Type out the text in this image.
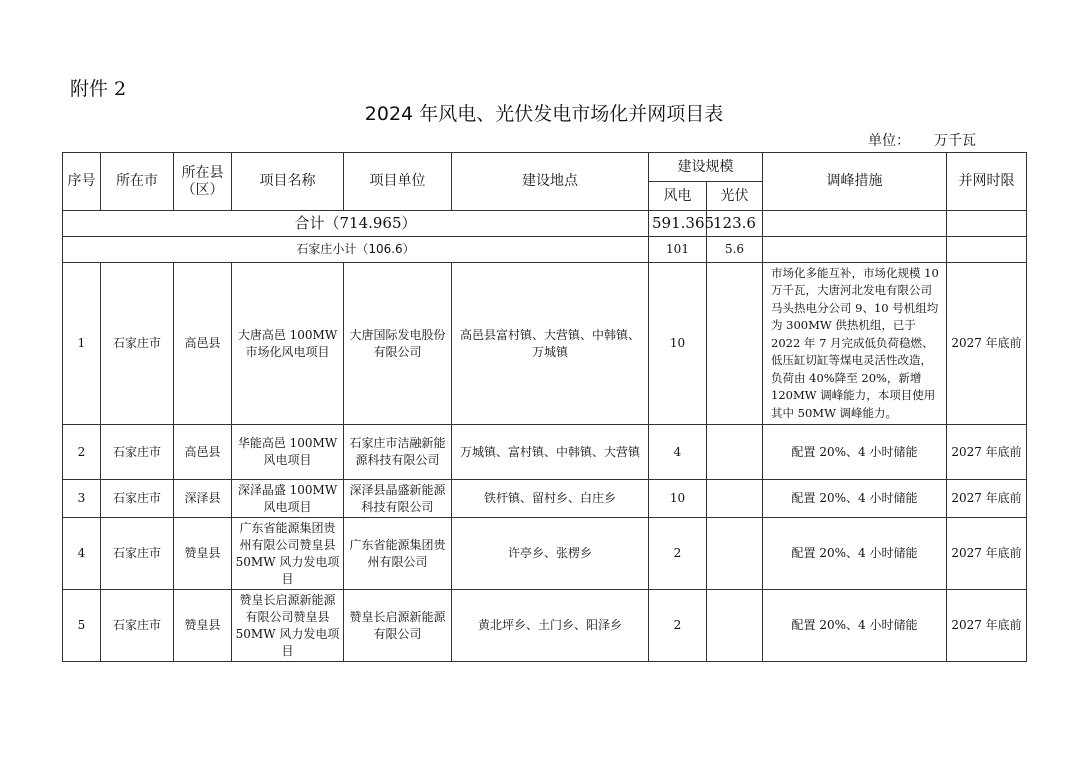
附件 2
2024 年风电、光伏发电市场化并网项目表
单位： 万千瓦
序号	所在市	所在县（区）	项目名称	项目单位	建设地点	建设规模		调峰措施	并网时限
						风电	光伏		
合计（714.965）						591.365	123.6		
石家庄小计（106.6）						101	5.6		
1	石家庄市	高邑县	大唐高邑 100MW 市场化风电项目	大唐国际发电股份有限公司	高邑县富村镇、大营镇、中韩镇、万城镇	10		市场化多能互补，市场化规模 10 万千瓦，大唐河北发电有限公司马头热电分公司 9、10 号机组均为 300MW 供热机组，已于 2022 年 7 月完成低负荷稳燃、低压缸切缸等煤电灵活性改造，负荷由 40%降至 20%，新增 120MW 调峰能力，本项目使用其中 50MW 调峰能力。	2027 年底前
2	石家庄市	高邑县	华能高邑 100MW 风电项目	石家庄市洁融新能源科技有限公司	万城镇、富村镇、中韩镇、大营镇	4		配置 20%、4 小时储能	2027 年底前
3	石家庄市	深泽县	深泽晶盛 100MW 风电项目	深泽县晶盛新能源科技有限公司	铁杆镇、留村乡、白庄乡	10		配置 20%、4 小时储能	2027 年底前
4	石家庄市	赞皇县	广东省能源集团贵州有限公司赞皇县 50MW 风力发电项目	广东省能源集团贵州有限公司	许亭乡、张楞乡	2		配置 20%、4 小时储能	2027 年底前
5	石家庄市	赞皇县	赞皇长启源新能源有限公司赞皇县 50MW 风力发电项目	赞皇长启源新能源有限公司	黄北坪乡、土门乡、阳泽乡	2		配置 20%、4 小时储能	2027 年底前
